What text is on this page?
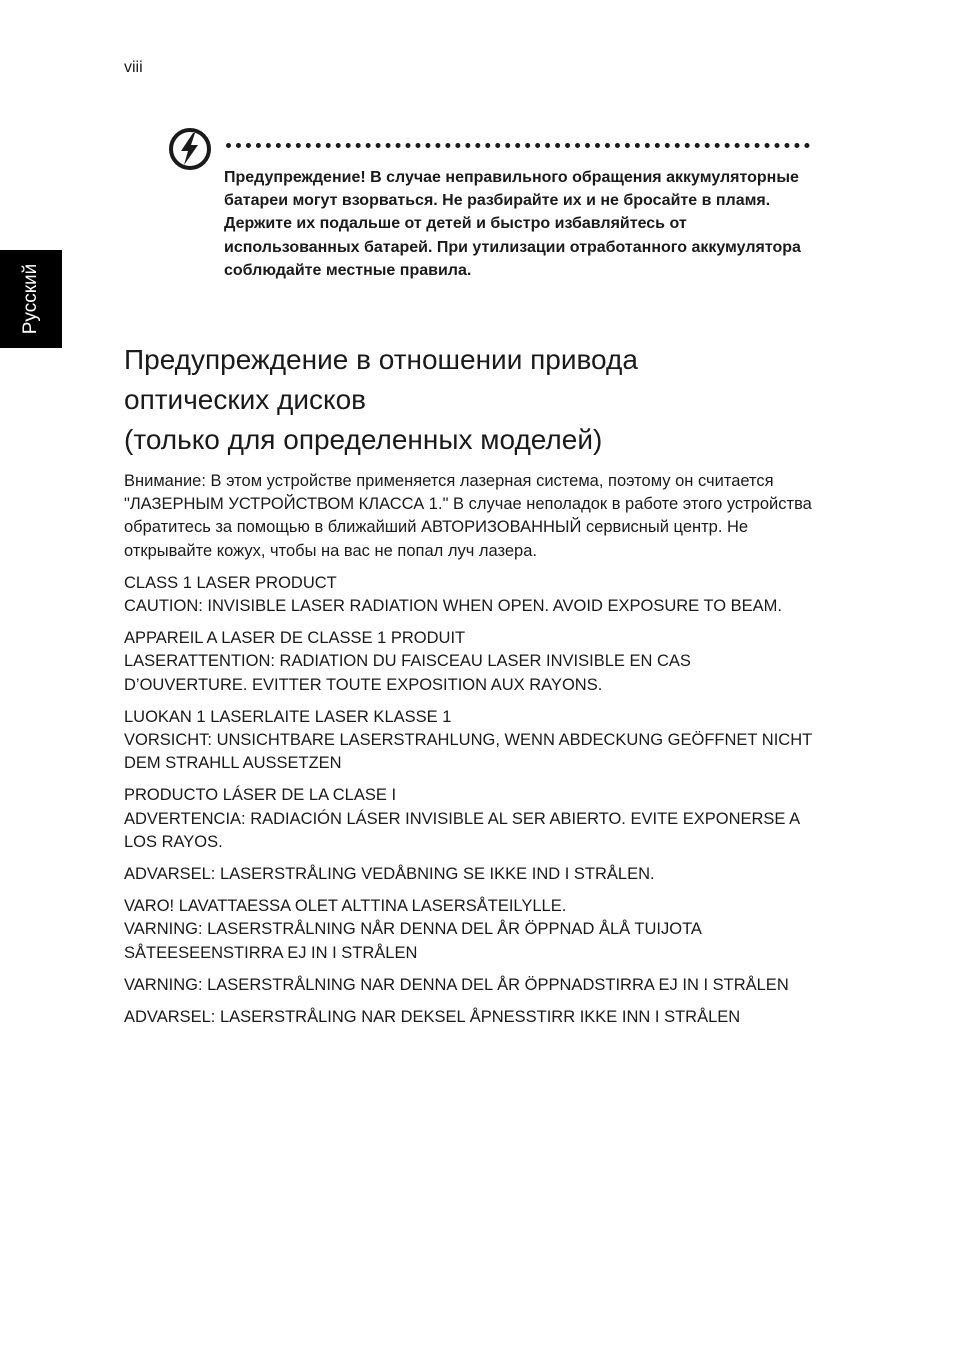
viii
Русский

Предупреждение! В случае неправильного обращения аккумуляторные батареи могут взорваться. Не разбирайте их и не бросайте в пламя. Держите их подальше от детей и быстро избавляйтесь от использованных батарей. При утилизации отработанного аккумулятора соблюдайте местные правила.

Предупреждение в отношении привода
оптических дисков
(только для определенных моделей)

Внимание: В этом устройстве применяется лазерная система, поэтому он считается "ЛАЗЕРНЫМ УСТРОЙСТВОМ КЛАССА 1." В случае неполадок в работе этого устройства обратитесь за помощью в ближайший АВТОРИЗОВАННЫЙ сервисный центр. Не открывайте кожух, чтобы на вас не попал луч лазера.

CLASS 1 LASER PRODUCT
CAUTION: INVISIBLE LASER RADIATION WHEN OPEN. AVOID EXPOSURE TO BEAM.

APPAREIL A LASER DE CLASSE 1 PRODUIT
LASERATTENTION: RADIATION DU FAISCEAU LASER INVISIBLE EN CAS D’OUVERTURE. EVITTER TOUTE EXPOSITION AUX RAYONS.

LUOKAN 1 LASERLAITE LASER KLASSE 1
VORSICHT: UNSICHTBARE LASERSTRAHLUNG, WENN ABDECKUNG GEÖFFNET NICHT DEM STRAHLL AUSSETZEN

PRODUCTO LÁSER DE LA CLASE I
ADVERTENCIA: RADIACIÓN LÁSER INVISIBLE AL SER ABIERTO. EVITE EXPONERSE A LOS RAYOS.

ADVARSEL: LASERSTRÅLING VEDÅBNING SE IKKE IND I STRÅLEN.

VARO! LAVATTAESSA OLET ALTTINA LASERSÅTEILYLLE.
VARNING: LASERSTRÅLNING NÅR DENNA DEL ÅR ÖPPNAD ÅLÅ TUIJOTA SÅTEESEENSTIRRA EJ IN I STRÅLEN

VARNING: LASERSTRÅLNING NAR DENNA DEL ÅR ÖPPNADSTIRRA EJ IN I STRÅLEN

ADVARSEL: LASERSTRÅLING NAR DEKSEL ÅPNESSTIRR IKKE INN I STRÅLEN
